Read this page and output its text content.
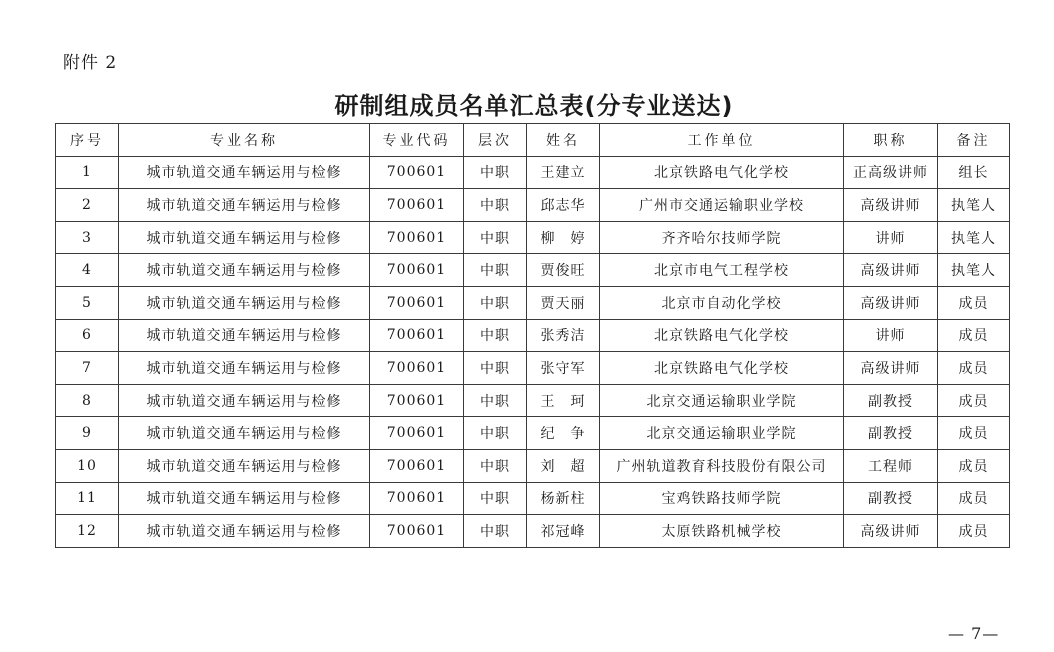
附件 2
研制组成员名单汇总表(分专业送达)
序号	专业名称	专业代码	层次	姓名	工作单位	职称	备注
1	城市轨道交通车辆运用与检修	700601	中职	王建立	北京铁路电气化学校	正高级讲师	组长
2	城市轨道交通车辆运用与检修	700601	中职	邱志华	广州市交通运输职业学校	高级讲师	执笔人
3	城市轨道交通车辆运用与检修	700601	中职	柳　婷	齐齐哈尔技师学院	讲师	执笔人
4	城市轨道交通车辆运用与检修	700601	中职	贾俊旺	北京市电气工程学校	高级讲师	执笔人
5	城市轨道交通车辆运用与检修	700601	中职	贾天丽	北京市自动化学校	高级讲师	成员
6	城市轨道交通车辆运用与检修	700601	中职	张秀洁	北京铁路电气化学校	讲师	成员
7	城市轨道交通车辆运用与检修	700601	中职	张守军	北京铁路电气化学校	高级讲师	成员
8	城市轨道交通车辆运用与检修	700601	中职	王　珂	北京交通运输职业学院	副教授	成员
9	城市轨道交通车辆运用与检修	700601	中职	纪　争	北京交通运输职业学院	副教授	成员
10	城市轨道交通车辆运用与检修	700601	中职	刘　超	广州轨道教育科技股份有限公司	工程师	成员
11	城市轨道交通车辆运用与检修	700601	中职	杨新柱	宝鸡铁路技师学院	副教授	成员
12	城市轨道交通车辆运用与检修	700601	中职	祁冠峰	太原铁路机械学校	高级讲师	成员
— 7—
